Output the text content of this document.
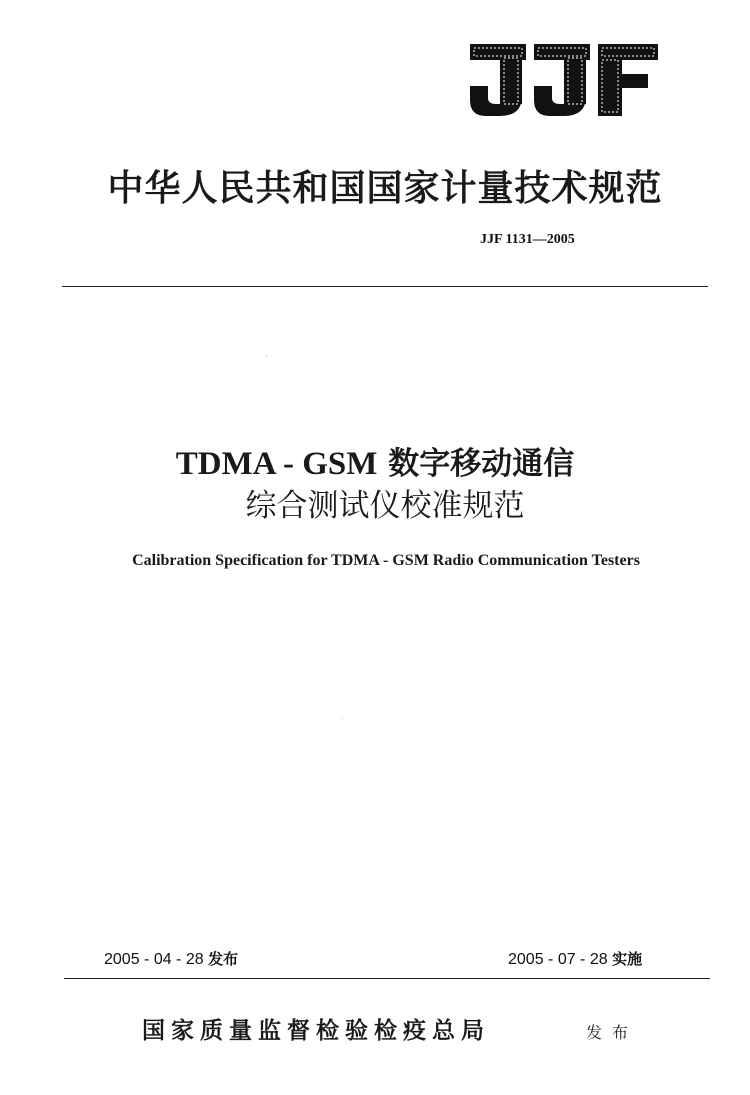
中华人民共和国国家计量技术规范
JJF 1131—2005
TDMA - GSM 数字移动通信
综合测试仪校准规范
Calibration Specification for TDMA - GSM Radio Communication Testers
2005 - 04 - 28 发布	2005 - 07 - 28 实施
国家质量监督检验检疫总局	发布
